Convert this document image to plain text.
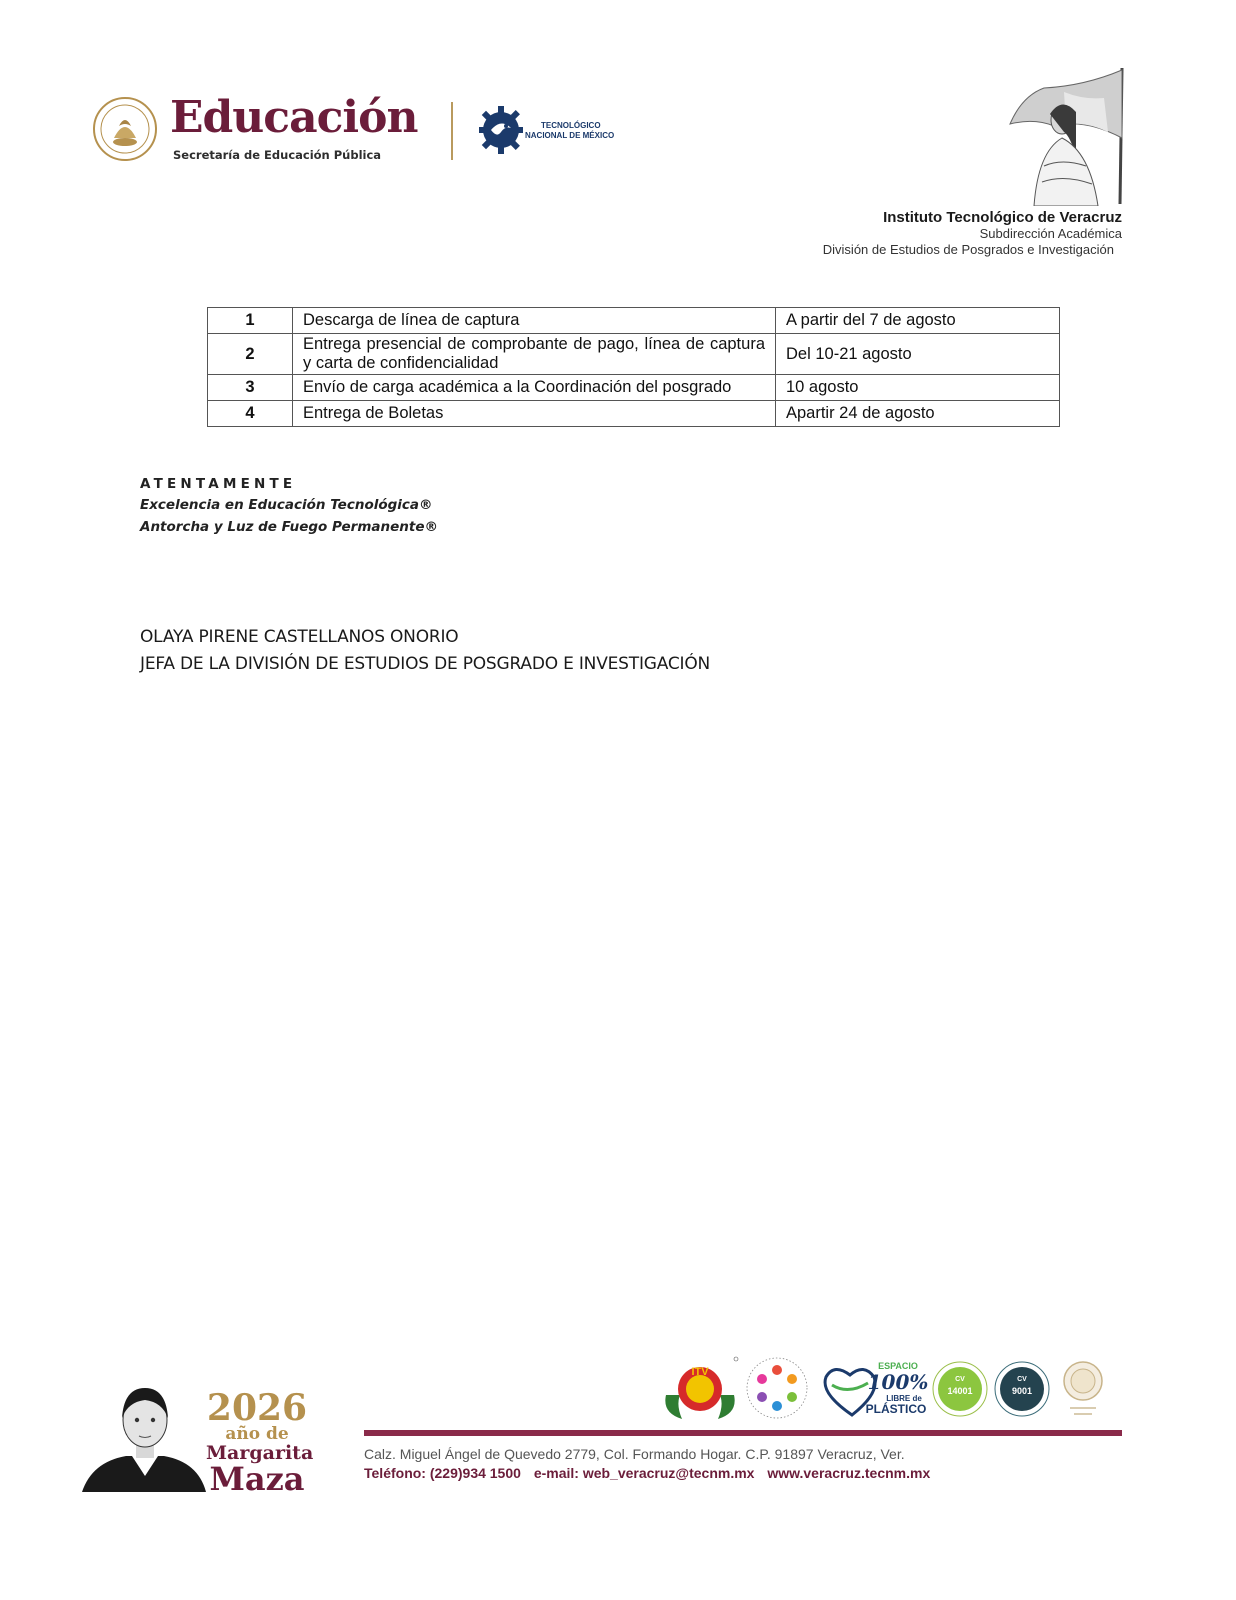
Educación
Secretaría de Educación Pública
TECNOLÓGICO
NACIONAL DE MÉXICO
Instituto Tecnológico de Veracruz
Subdirección Académica
División de Estudios de Posgrados e Investigación
1	Descarga de línea de captura	A partir del 7 de agosto
2	Entrega presencial de comprobante de pago, línea de captura y carta de confidencialidad	Del 10-21 agosto
3	Envío de carga académica a la Coordinación del posgrado	10 agosto
4	Entrega de Boletas	Apartir 24 de agosto
ATENTAMENTE
Excelencia en Educación Tecnológica®
Antorcha y Luz de Fuego Permanente®
OLAYA PIRENE CASTELLANOS ONORIO
JEFA DE LA DIVISIÓN DE ESTUDIOS DE POSGRADO E INVESTIGACIÓN
2026
año de
Margarita
Maza
ITV	ESPACIO
100%
LIBRE de
PLÁSTICO
CV
14001
CV
9001
Calz. Miguel Ángel de Quevedo 2779, Col. Formando Hogar. C.P. 91897 Veracruz, Ver.
Teléfono: (229)934 1500 e-mail: web_veracruz@tecnm.mx www.veracruz.tecnm.mx
